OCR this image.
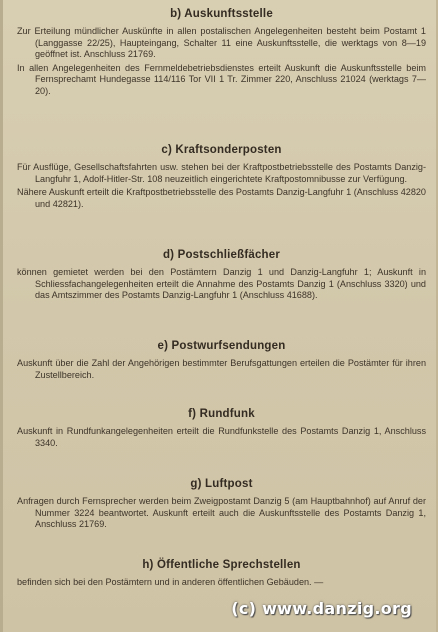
b) Auskunftsstelle

Zur Erteilung mündlicher Auskünfte in allen postalischen Angelegenheiten besteht beim Postamt 1 (Langgasse 22/25), Haupteingang, Schalter 11 eine Auskunftsstelle, die werktags von 8—19 geöffnet ist. Anschluss 21769.

In allen Angelegenheiten des Fernmeldebetriebsdienstes erteilt Auskunft die Auskunftsstelle beim Fernsprechamt Hundegasse 114/116 Tor VII 1 Tr. Zimmer 220, Anschluss 21024 (werktags 7—20).

c) Kraftsonderposten

Für Ausflüge, Gesellschaftsfahrten usw. stehen bei der Kraftpostbetriebsstelle des Postamts Danzig-Langfuhr 1, Adolf-Hitler-Str. 108 neuzeitlich eingerichtete Kraftpostomnibusse zur Verfügung.

Nähere Auskunft erteilt die Kraftpostbetriebsstelle des Postamts Danzig-Langfuhr 1 (Anschluss 42820 und 42821).

d) Postschließfächer

können gemietet werden bei den Postämtern Danzig 1 und Danzig-Langfuhr 1; Auskunft in Schliessfachangelegenheiten erteilt die Annahme des Postamts Danzig 1 (Anschluss 3320) und das Amtszimmer des Postamts Danzig-Langfuhr 1 (Anschluss 41688).

e) Postwurfsendungen

Auskunft über die Zahl der Angehörigen bestimmter Berufsgattungen erteilen die Postämter für ihren Zustellbereich.

f) Rundfunk

Auskunft in Rundfunkangelegenheiten erteilt die Rundfunkstelle des Postamts Danzig 1, Anschluss 3340.

g) Luftpost

Anfragen durch Fernsprecher werden beim Zweigpostamt Danzig 5 (am Hauptbahnhof) auf Anruf der Nummer 3224 beantwortet. Auskunft erteilt auch die Auskunftsstelle des Postamts Danzig 1, Anschluss 21769.

h) Öffentliche Sprechstellen

befinden sich bei den Postämtern und in anderen öffentlichen Gebäuden. —

(c) www.danzig.org
